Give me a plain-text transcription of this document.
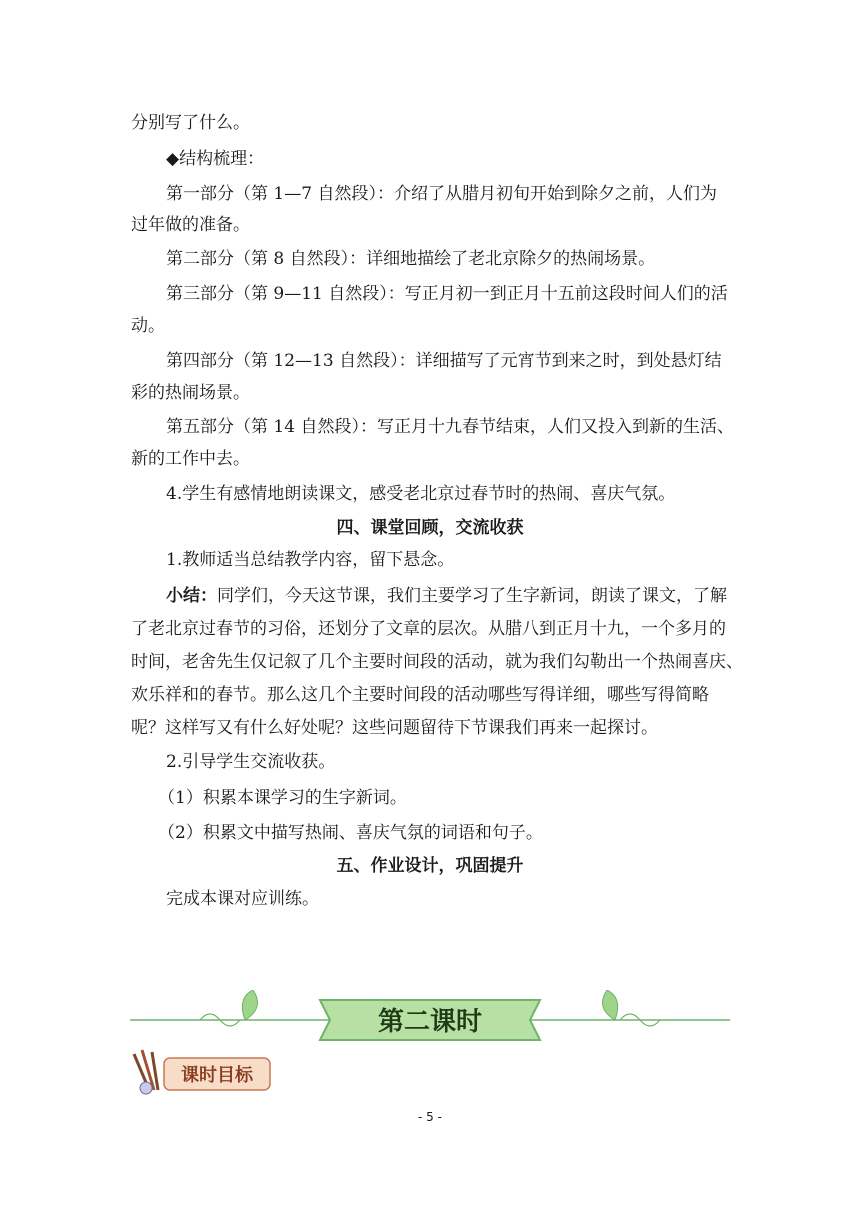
分别写了什么。
◆结构梳理：
第一部分（第 1—7 自然段）：介绍了从腊月初旬开始到除夕之前，人们为
过年做的准备。
第二部分（第 8 自然段）：详细地描绘了老北京除夕的热闹场景。
第三部分（第 9—11 自然段）：写正月初一到正月十五前这段时间人们的活
动。
第四部分（第 12—13 自然段）：详细描写了元宵节到来之时，到处悬灯结
彩的热闹场景。
第五部分（第 14 自然段）：写正月十九春节结束，人们又投入到新的生活、
新的工作中去。
4.学生有感情地朗读课文，感受老北京过春节时的热闹、喜庆气氛。
四、课堂回顾，交流收获
1.教师适当总结教学内容，留下悬念。
小结：同学们，今天这节课，我们主要学习了生字新词，朗读了课文，了解
了老北京过春节的习俗，还划分了文章的层次。从腊八到正月十九，一个多月的
时间，老舍先生仅记叙了几个主要时间段的活动，就为我们勾勒出一个热闹喜庆、
欢乐祥和的春节。那么这几个主要时间段的活动哪些写得详细，哪些写得简略
呢？这样写又有什么好处呢？这些问题留待下节课我们再来一起探讨。
2.引导学生交流收获。
（1）积累本课学习的生字新词。
（2）积累文中描写热闹、喜庆气氛的词语和句子。
五、作业设计，巩固提升
完成本课对应训练。
第二课时
课时目标
- 5 -
